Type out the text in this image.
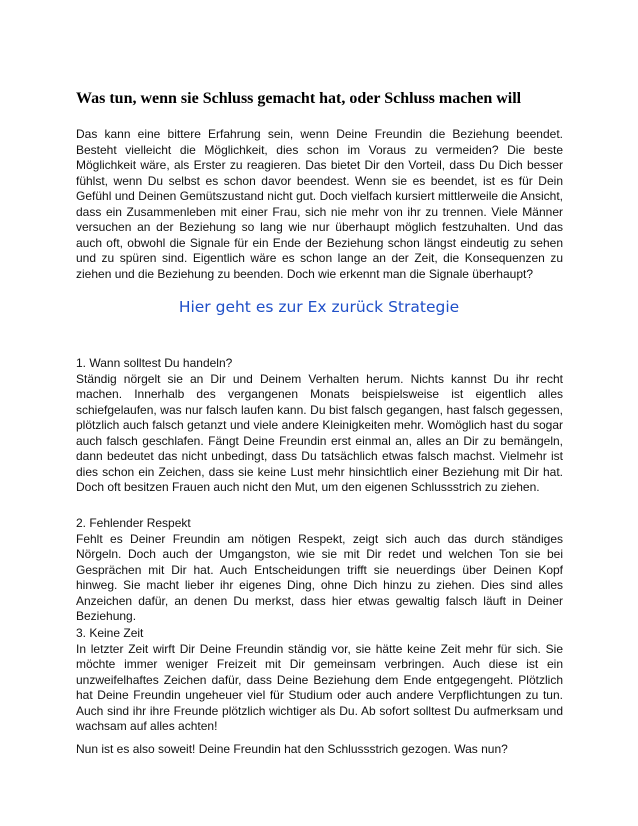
Was tun, wenn sie Schluss gemacht hat, oder Schluss machen will

Das kann eine bittere Erfahrung sein, wenn Deine Freundin die Beziehung beendet. Besteht vielleicht die Möglichkeit, dies schon im Voraus zu vermeiden? Die beste Möglichkeit wäre, als Erster zu reagieren. Das bietet Dir den Vorteil, dass Du Dich besser fühlst, wenn Du selbst es schon davor beendest. Wenn sie es beendet, ist es für Dein Gefühl und Deinen Gemütszustand nicht gut. Doch vielfach kursiert mittlerweile die Ansicht, dass ein Zusammenleben mit einer Frau, sich nie mehr von ihr zu trennen. Viele Männer versuchen an der Beziehung so lang wie nur überhaupt möglich festzuhalten. Und das auch oft, obwohl die Signale für ein Ende der Beziehung schon längst eindeutig zu sehen und zu spüren sind. Eigentlich wäre es schon lange an der Zeit, die Konsequenzen zu ziehen und die Beziehung zu beenden. Doch wie erkennt man die Signale überhaupt?

Hier geht es zur Ex zurück Strategie
1. Wann solltest Du handeln?
Ständig nörgelt sie an Dir und Deinem Verhalten herum. Nichts kannst Du ihr recht machen. Innerhalb des vergangenen Monats beispielsweise ist eigentlich alles schiefgelaufen, was nur falsch laufen kann. Du bist falsch gegangen, hast falsch gegessen, plötzlich auch falsch getanzt und viele andere Kleinigkeiten mehr. Womöglich hast du sogar auch falsch geschlafen. Fängt Deine Freundin erst einmal an, alles an Dir zu bemängeln, dann bedeutet das nicht unbedingt, dass Du tatsächlich etwas falsch machst. Vielmehr ist dies schon ein Zeichen, dass sie keine Lust mehr hinsichtlich einer Beziehung mit Dir hat. Doch oft besitzen Frauen auch nicht den Mut, um den eigenen Schlussstrich zu ziehen.
2. Fehlender Respekt
Fehlt es Deiner Freundin am nötigen Respekt, zeigt sich auch das durch ständiges Nörgeln. Doch auch der Umgangston, wie sie mit Dir redet und welchen Ton sie bei Gesprächen mit Dir hat. Auch Entscheidungen trifft sie neuerdings über Deinen Kopf hinweg. Sie macht lieber ihr eigenes Ding, ohne Dich hinzu zu ziehen. Dies sind alles Anzeichen dafür, an denen Du merkst, dass hier etwas gewaltig falsch läuft in Deiner Beziehung.
3. Keine Zeit
In letzter Zeit wirft Dir Deine Freundin ständig vor, sie hätte keine Zeit mehr für sich. Sie möchte immer weniger Freizeit mit Dir gemeinsam verbringen. Auch diese ist ein unzweifelhaftes Zeichen dafür, dass Deine Beziehung dem Ende entgegengeht. Plötzlich hat Deine Freundin ungeheuer viel für Studium oder auch andere Verpflichtungen zu tun. Auch sind ihr ihre Freunde plötzlich wichtiger als Du. Ab sofort solltest Du aufmerksam und wachsam auf alles achten!

Nun ist es also soweit! Deine Freundin hat den Schlussstrich gezogen. Was nun?
